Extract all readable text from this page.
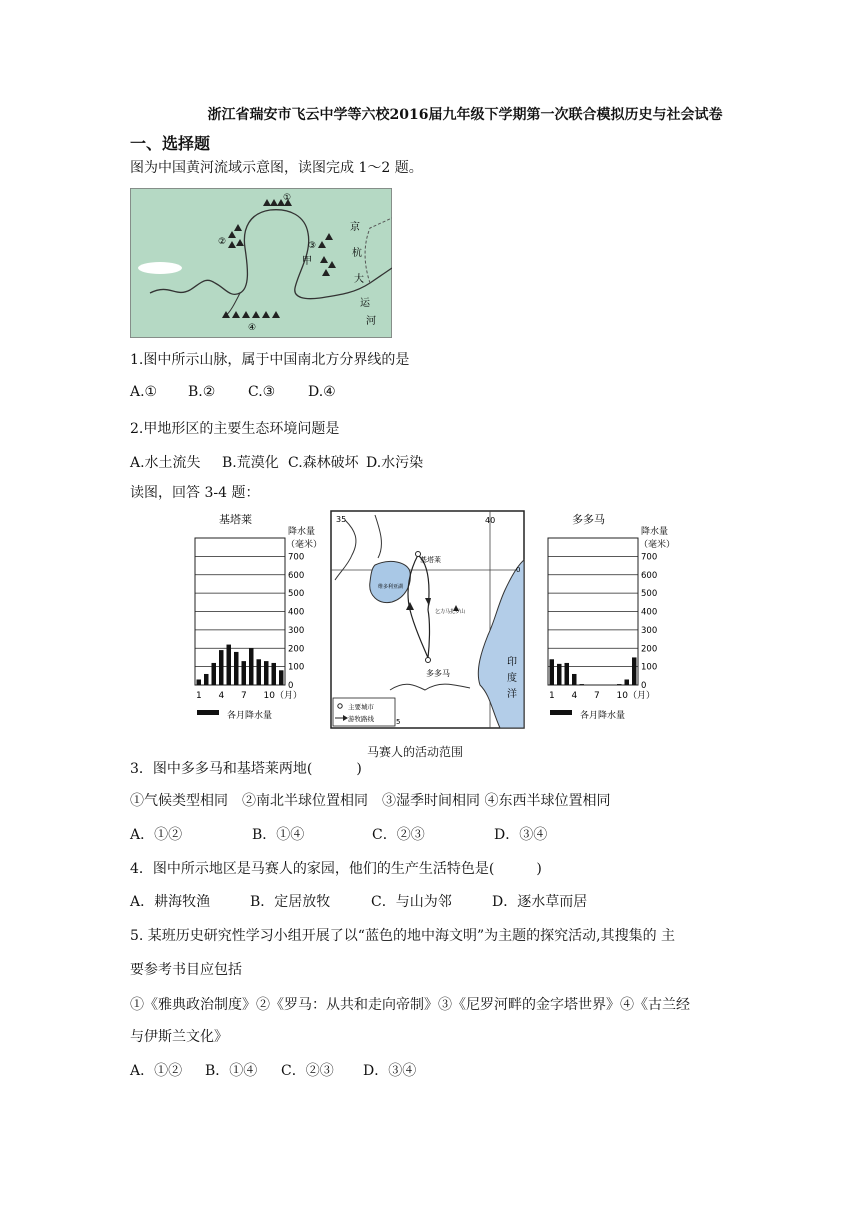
浙江省瑞安市飞云中学等六校2016届九年级下学期第一次联合模拟历史与社会试卷
一、选择题
图为中国黄河流域示意图，读图完成 1～2 题。
①
②	③
④
甲
京
杭
大
运
河
1.图中所示山脉，属于中国南北方分界线的是
A.① B.② C.③ D.④
2.甲地形区的主要生态环境问题是
A.水土流失 B.荒漠化 C.森林破坏 D.水污染
读图，回答 3-4 题：
基塔莱
降水量
（毫米）
700
600
500
400
300
200
100
0
1 4 7 10（月）
各月降水量
维多利亚湖
印
度
洋
基塔莱
多多马
乞力马扎罗山
35	40
0
5
主要城市
游牧路线
多多马
降水量
（毫米）
700
600
500
400
300
200
100
0
1 4 7 10（月）
各月降水量
马赛人的活动范围
3．图中多多马和基塔莱两地(	)
①气候类型相同　②南北半球位置相同　③湿季时间相同 ④东西半球位置相同
A．①②	B．①④	C．②③	D．③④
4．图中所示地区是马赛人的家园，他们的生产生活特色是(　　　)
A．耕海牧渔	B．定居放牧	C．与山为邻	D．逐水草而居
5. 某班历史研究性学习小组开展了以“蓝色的地中海文明”为主题的探究活动,其搜集的 主
要参考书目应包括
①《雅典政治制度》②《罗马：从共和走向帝制》③《尼罗河畔的金字塔世界》④《古兰经
与伊斯兰文化》
A．①② B．①④ C．②③ D．③④
